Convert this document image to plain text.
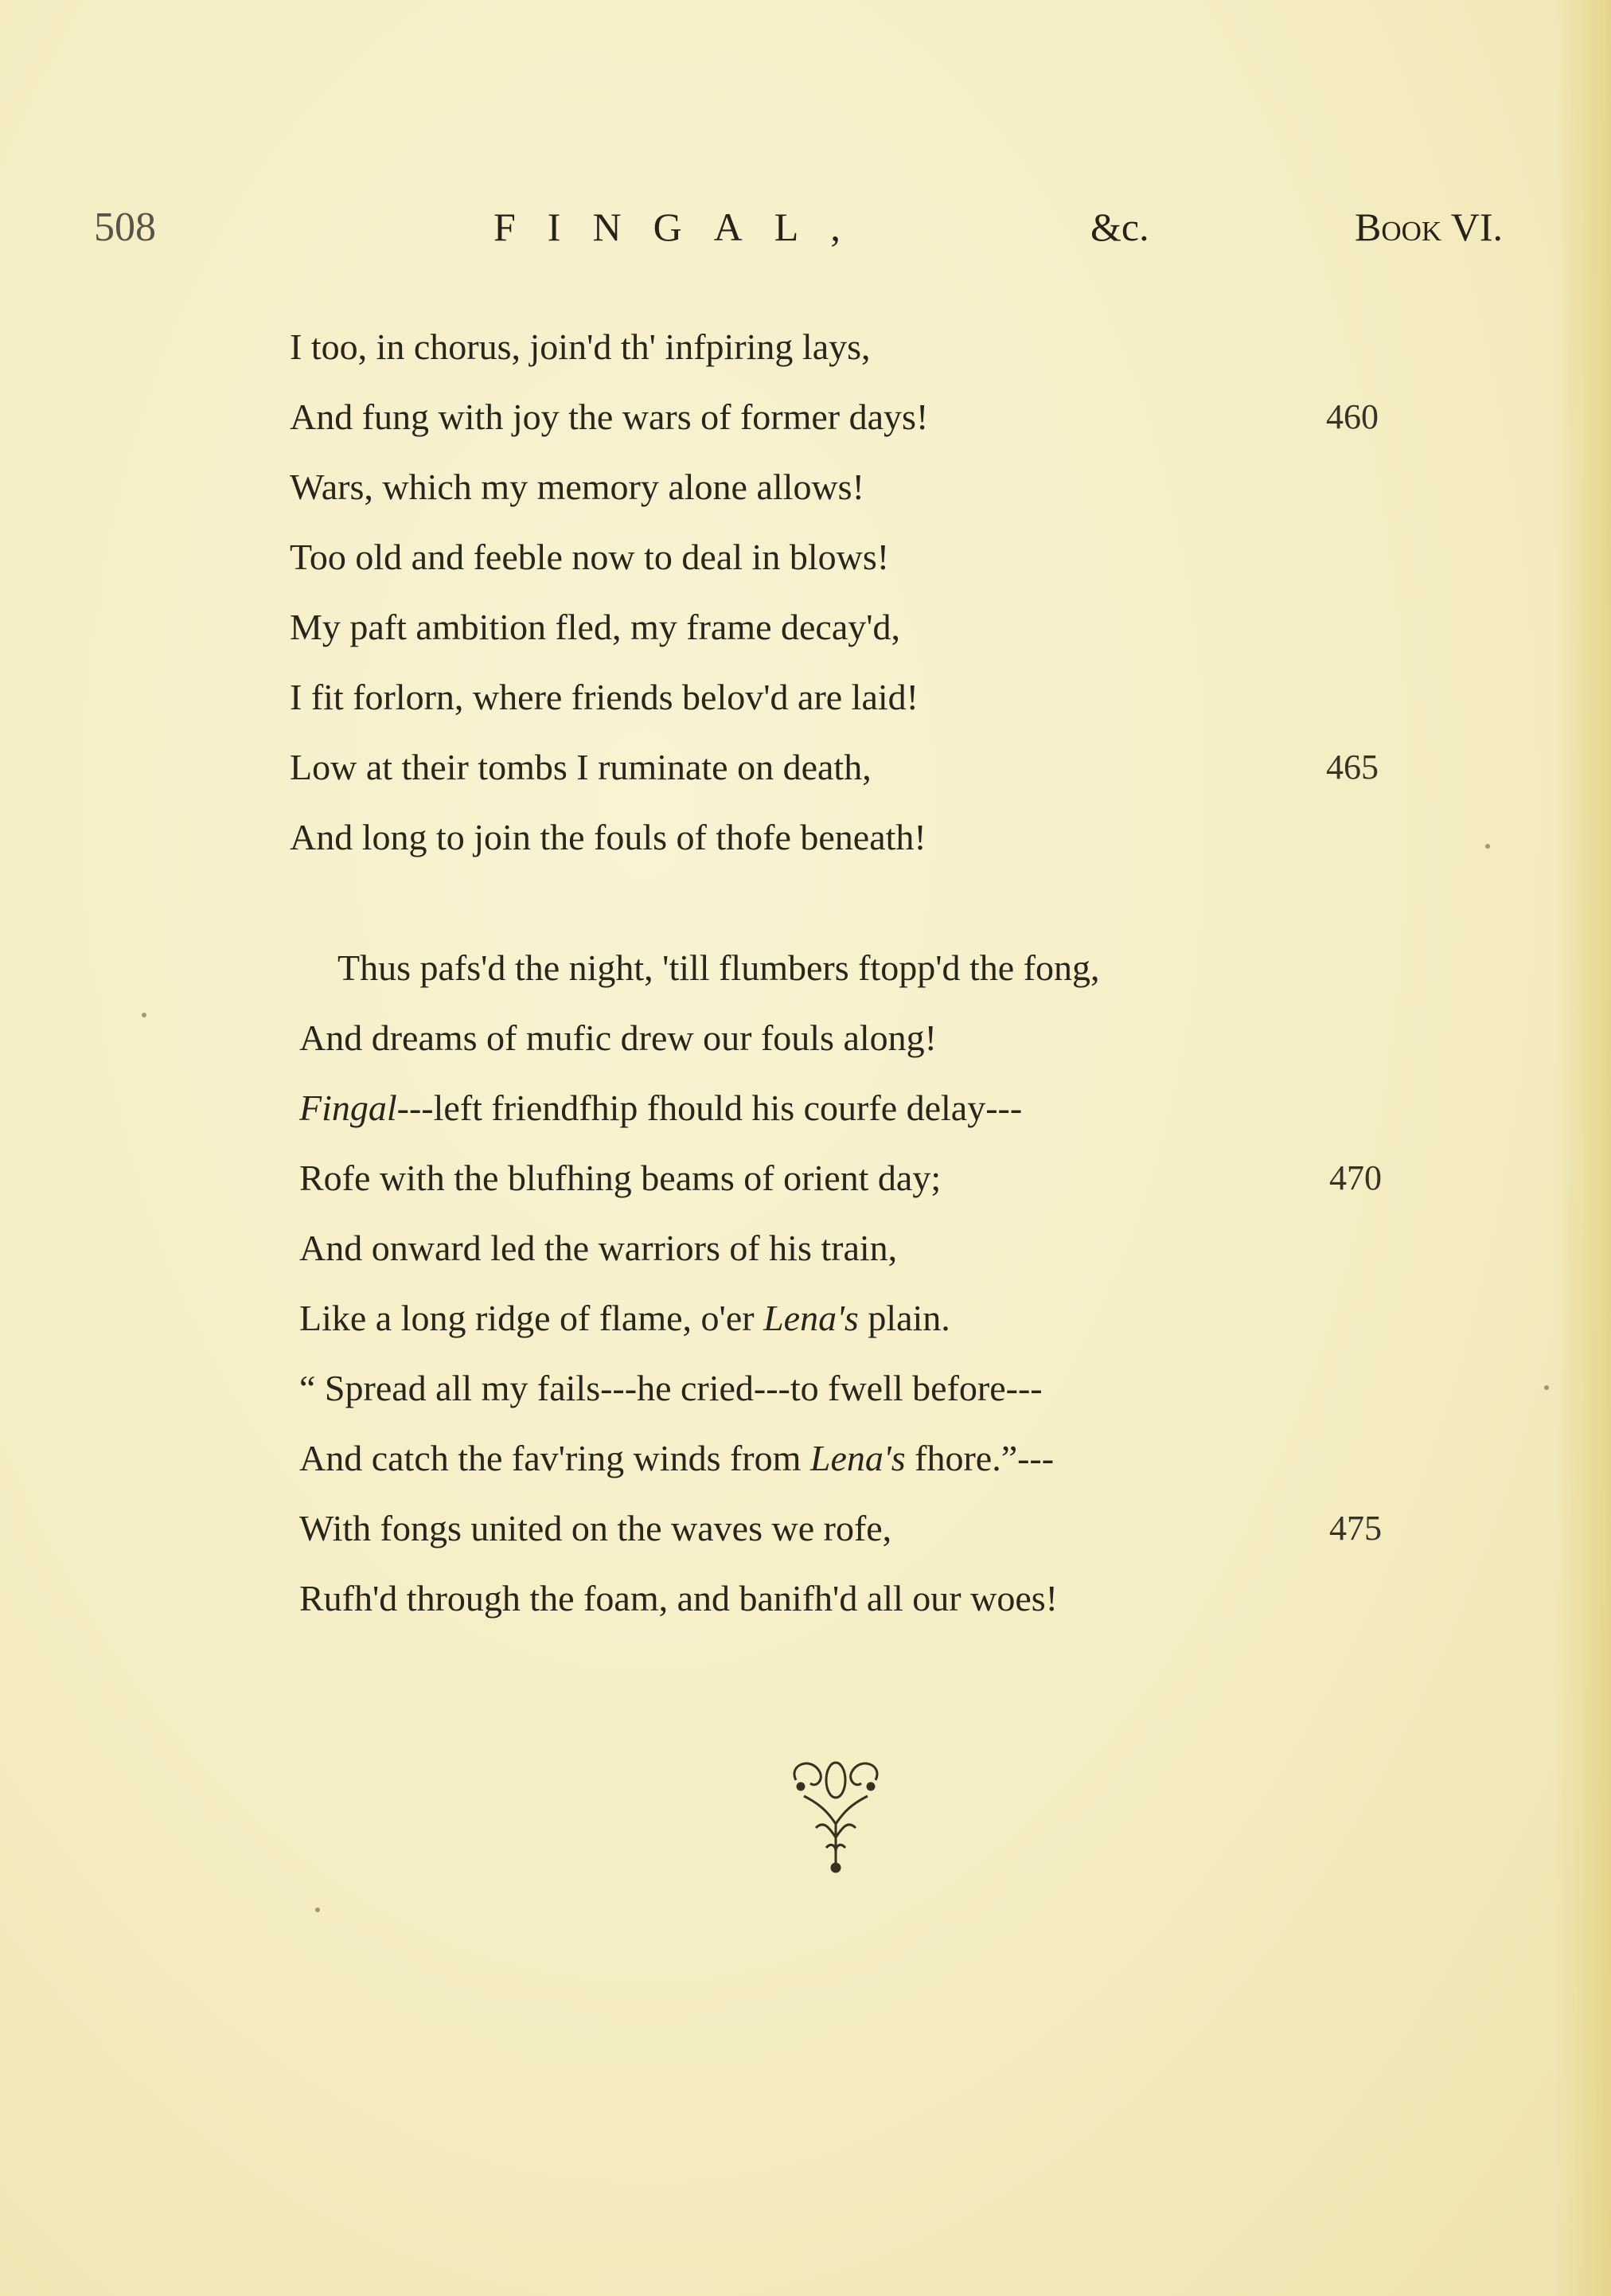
508	FINGAL,	&c.	Book VI.
I too, in chorus, join'd th' infpiring lays,
And fung with joy the wars of former days!	460
Wars, which my memory alone allows!
Too old and feeble now to deal in blows!
My paft ambition fled, my frame decay'd,
I fit forlorn, where friends belov'd are laid!
Low at their tombs I ruminate on death,	465
And long to join the fouls of thofe beneath!
Thus pafs'd the night, 'till flumbers ftopp'd the fong,
And dreams of mufic drew our fouls along!
Fingal---left friendfhip fhould his courfe delay---
Rofe with the blufhing beams of orient day;	470
And onward led the warriors of his train,
Like a long ridge of flame, o'er Lena's plain.
“ Spread all my fails---he cried---to fwell before---
And catch the fav'ring winds from Lena's fhore.”---
With fongs united on the waves we rofe,	475
Rufh'd through the foam, and banifh'd all our woes!
